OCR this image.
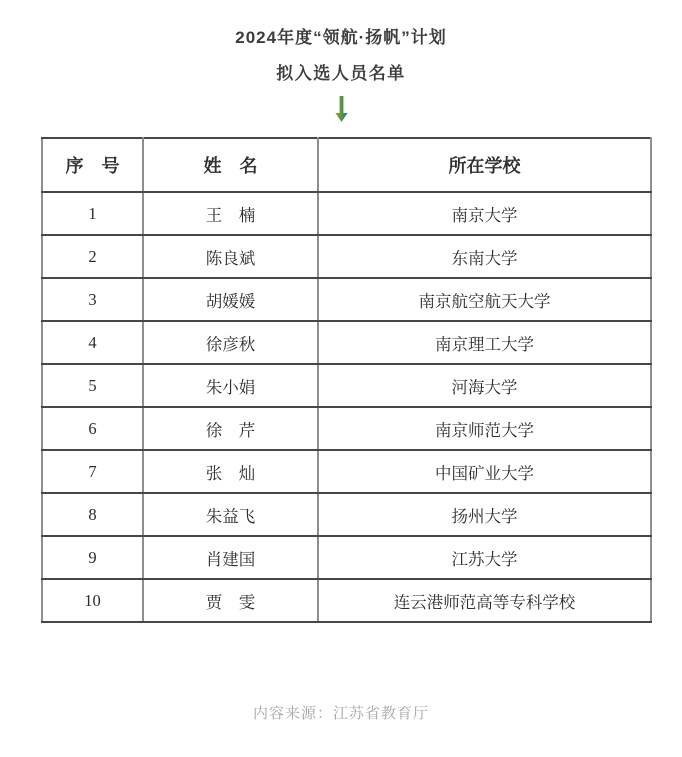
2024年度“领航·扬帆”计划
拟入选人员名单
序　号	姓　名	所在学校
1	王　楠	南京大学
2	陈良斌	东南大学
3	胡媛媛	南京航空航天大学
4	徐彦秋	南京理工大学
5	朱小娟	河海大学
6	徐　芹	南京师范大学
7	张　灿	中国矿业大学
8	朱益飞	扬州大学
9	肖建国	江苏大学
10	贾　雯	连云港师范高等专科学校
内容来源：江苏省教育厅
